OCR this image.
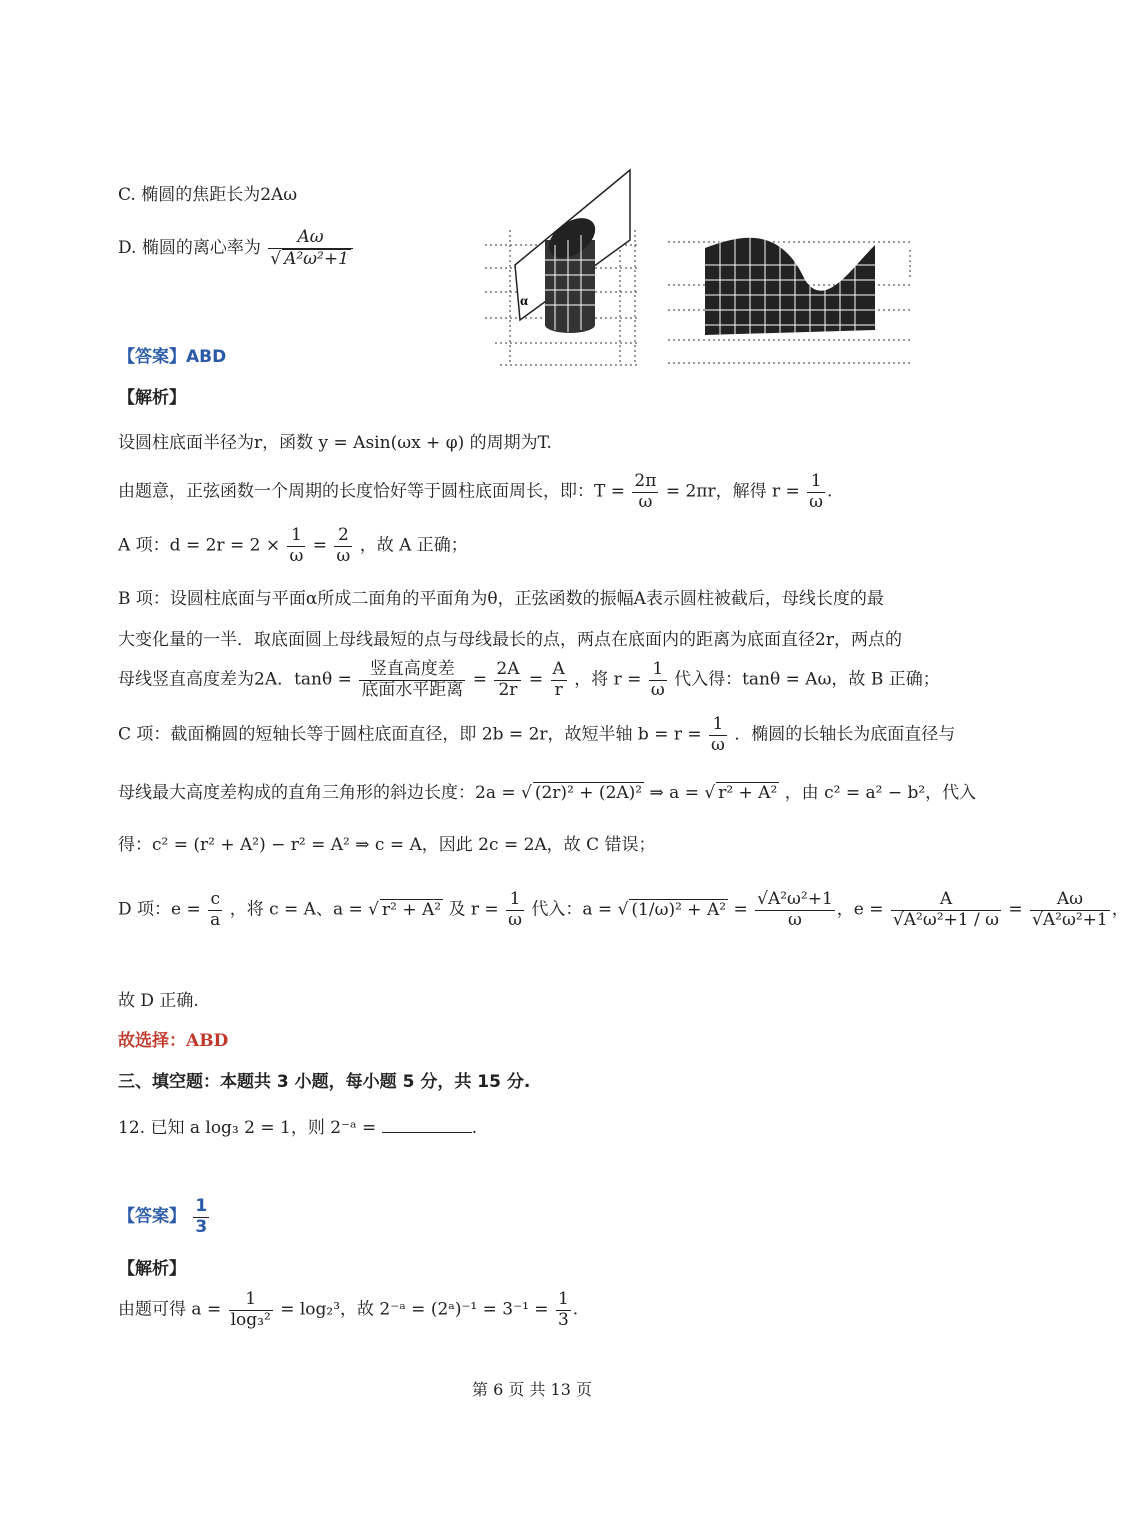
C. 椭圆的焦距长为2Aω
D. 椭圆的离心率为 $\frac{A\omega}{\text{√ A²ω²+1}}$
α
【答案】ABD
【解析】
设圆柱底面半径为r，函数 y = Asin(ωx + φ) 的周期为T.
由题意，正弦函数一个周期的长度恰好等于圆柱底面周长，即：$T = \frac{2\pi}{\omega} = 2\pi r$，解得 $r = \frac{1}{\omega}$ .
A 项：$d = 2r = 2 \times \frac{1}{\omega} = \frac{2}{\omega}$ ，故 A 正确；
B 项：设圆柱底面与平面α所成二面角的平面角为θ，正弦函数的振幅A表示圆柱被截后，母线长度的最
大变化量的一半．取底面圆上母线最短的点与母线最长的点，两点在底面内的距离为底面直径2r，两点的
母线竖直高度差为2A．$\tan\theta = \frac{\text{竖直高度差}}{\text{底面水平距离}} = \frac{2A}{2r} = \frac{A}{r}$ ，将 $r = \frac{1}{\omega}$ 代入得：tanθ = Aω，故 B 正确；
C 项：截面椭圆的短轴长等于圆柱底面直径，即 2b = 2r，故短半轴 $b = r = \frac{1}{\omega}$ ．椭圆的长轴长为底面直径与
母线最大高度差构成的直角三角形的斜边长度：2a = √ (2r)² + (2A)² ⇒ a = √ r² + A² ，由 c² = a² − b²，代入
得：c² = (r² + A²) − r² = A² ⇒ c = A，因此 2c = 2A，故 C 错误；
D 项：$e = \frac{c}{a}$ ，将 c = A、a = √ r² + A² 及 $r = \frac{1}{\omega}$ 代入：a = √ $(1/\omega)^2 + A^2 = \frac{\text{√A²ω²+1}}{\omega}$ ，$e = \frac{A}{\text{√A²ω²+1 / ω}} = \frac{A\omega}{\text{√A²ω²+1}}$ ，
故 D 正确.
故选择：ABD
三、填空题：本题共 3 小题，每小题 5 分，共 15 分.
12. 已知 a log₃ 2 = 1，则 2⁻ᵃ =	.
【答案】 $\frac{1}{3}$
【解析】
由题可得 $a = \frac{1}{\text{log₃²}} = \log_2^3$，故 2⁻ᵃ = (2ᵃ)⁻¹ = $3^{-1} = \frac{1}{3}$ .
第 6 页 共 13 页
